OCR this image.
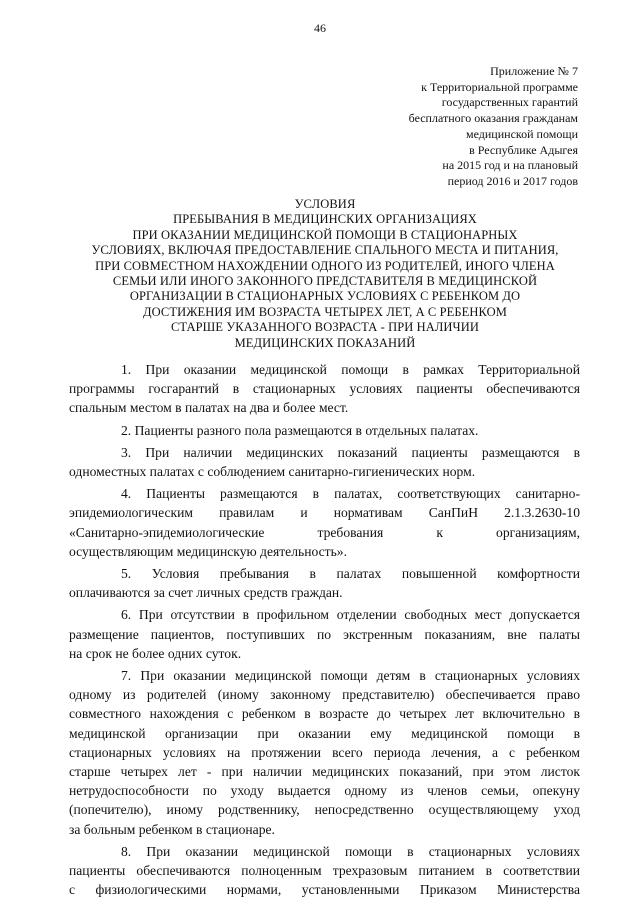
46
Приложение № 7
к Территориальной программе
государственных гарантий
бесплатного оказания гражданам
медицинской помощи
в Республике Адыгея
на 2015 год и на плановый
период 2016 и 2017 годов
УСЛОВИЯ
ПРЕБЫВАНИЯ В МЕДИЦИНСКИХ ОРГАНИЗАЦИЯХ
ПРИ ОКАЗАНИИ МЕДИЦИНСКОЙ ПОМОЩИ В СТАЦИОНАРНЫХ
УСЛОВИЯХ, ВКЛЮЧАЯ ПРЕДОСТАВЛЕНИЕ СПАЛЬНОГО МЕСТА И ПИТАНИЯ,
ПРИ СОВМЕСТНОМ НАХОЖДЕНИИ ОДНОГО ИЗ РОДИТЕЛЕЙ, ИНОГО ЧЛЕНА
СЕМЬИ ИЛИ ИНОГО ЗАКОННОГО ПРЕДСТАВИТЕЛЯ В МЕДИЦИНСКОЙ
ОРГАНИЗАЦИИ В СТАЦИОНАРНЫХ УСЛОВИЯХ С РЕБЕНКОМ ДО
ДОСТИЖЕНИЯ ИМ ВОЗРАСТА ЧЕТЫРЕХ ЛЕТ, А С РЕБЕНКОМ
СТАРШЕ УКАЗАННОГО ВОЗРАСТА - ПРИ НАЛИЧИИ
МЕДИЦИНСКИХ ПОКАЗАНИЙ
1. При оказании медицинской помощи в рамках Территориальной
программы госгарантий в стационарных условиях пациенты обеспечиваются
спальным местом в палатах на два и более мест.
2. Пациенты разного пола размещаются в отдельных палатах.
3. При наличии медицинских показаний пациенты размещаются в
одноместных палатах с соблюдением санитарно-гигиенических норм.
4. Пациенты размещаются в палатах, соответствующих санитарно-
эпидемиологическим правилам и нормативам СанПиН 2.1.3.2630-10
«Санитарно-эпидемиологические требования к организациям,
осуществляющим медицинскую деятельность».
5. Условия пребывания в палатах повышенной комфортности
оплачиваются за счет личных средств граждан.
6. При отсутствии в профильном отделении свободных мест допускается
размещение пациентов, поступивших по экстренным показаниям, вне палаты
на срок не более одних суток.
7. При оказании медицинской помощи детям в стационарных условиях
одному из родителей (иному законному представителю) обеспечивается право
совместного нахождения с ребенком в возрасте до четырех лет включительно в
медицинской организации при оказании ему медицинской помощи в
стационарных условиях на протяжении всего периода лечения, а с ребенком
старше четырех лет - при наличии медицинских показаний, при этом листок
нетрудоспособности по уходу выдается одному из членов семьи, опекуну
(попечителю), иному родственнику, непосредственно осуществляющему уход
за больным ребенком в стационаре.
8. При оказании медицинской помощи в стационарных условиях
пациенты обеспечиваются полноценным трехразовым питанием в соответствии
с физиологическими нормами, установленными Приказом Министерства
